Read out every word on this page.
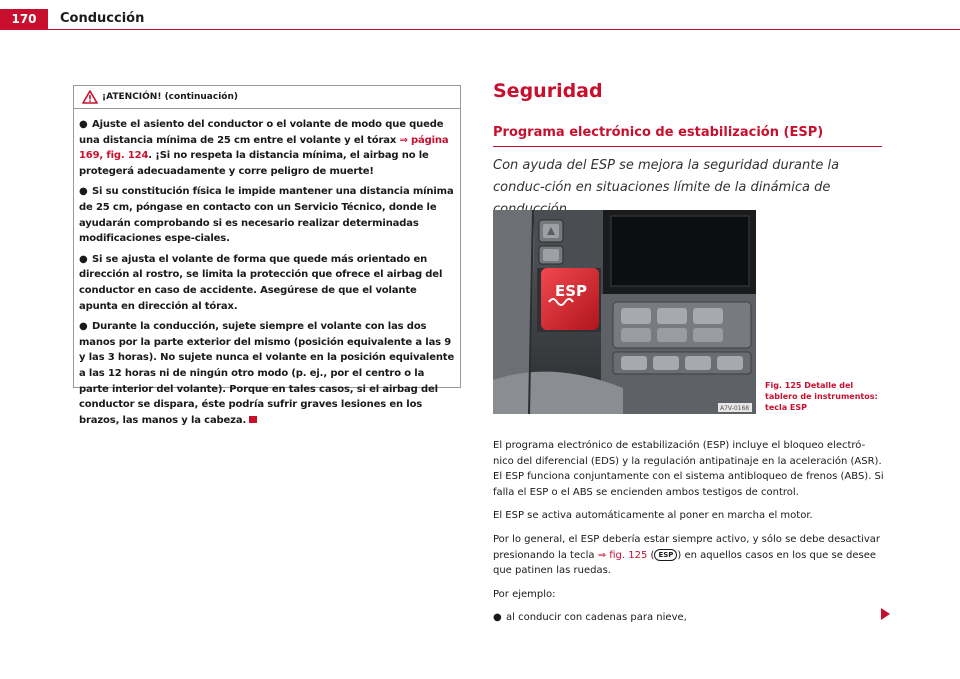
170	Conducción
¡ATENCIÓN! (continuación)

● Ajuste el asiento del conductor o el volante de modo que quede una distancia mínima de 25 cm entre el volante y el tórax ⇒ página 169, fig. 124. ¡Si no respeta la distancia mínima, el airbag no le protegerá adecuadamente y corre peligro de muerte!

● Si su constitución física le impide mantener una distancia mínima de 25 cm, póngase en contacto con un Servicio Técnico, donde le ayudarán comprobando si es necesario realizar determinadas modificaciones espe-ciales.

● Si se ajusta el volante de forma que quede más orientado en dirección al rostro, se limita la protección que ofrece el airbag del conductor en caso de accidente. Asegúrese de que el volante apunta en dirección al tórax.

● Durante la conducción, sujete siempre el volante con las dos manos por la parte exterior del mismo (posición equivalente a las 9 y las 3 horas). No sujete nunca el volante en la posición equivalente a las 12 horas ni de ningún otro modo (p. ej., por el centro o la parte interior del volante). Porque en tales casos, si el airbag del conductor se dispara, éste podría sufrir graves lesiones en los brazos, las manos y la cabeza.

Seguridad
Programa electrónico de estabilización (ESP)

Con ayuda del ESP se mejora la seguridad durante la conduc-ción en situaciones límite de la dinámica de

ESP
A7V-0168

Fig. 125 Detalle del tablero de instrumentos: tecla ESP

El programa electrónico de estabilización (ESP) incluye el bloqueo electró-nico del diferencial (EDS) y la regulación antipatinaje en la aceleración (ASR). El ESP funciona conjuntamente con el sistema antibloqueo de frenos (ABS). Si falla el ESP o el ABS se encienden ambos testigos de control.

El ESP se activa automáticamente al poner en marcha el motor.

Por lo general, el ESP debería estar siempre activo, y sólo se debe desactivar presionando la tecla ⇒ fig. 125 ( ESP ) en aquellos casos en los que se desee que patinen las ruedas.

Por ejemplo:

● al conducir con cadenas para nieve,
